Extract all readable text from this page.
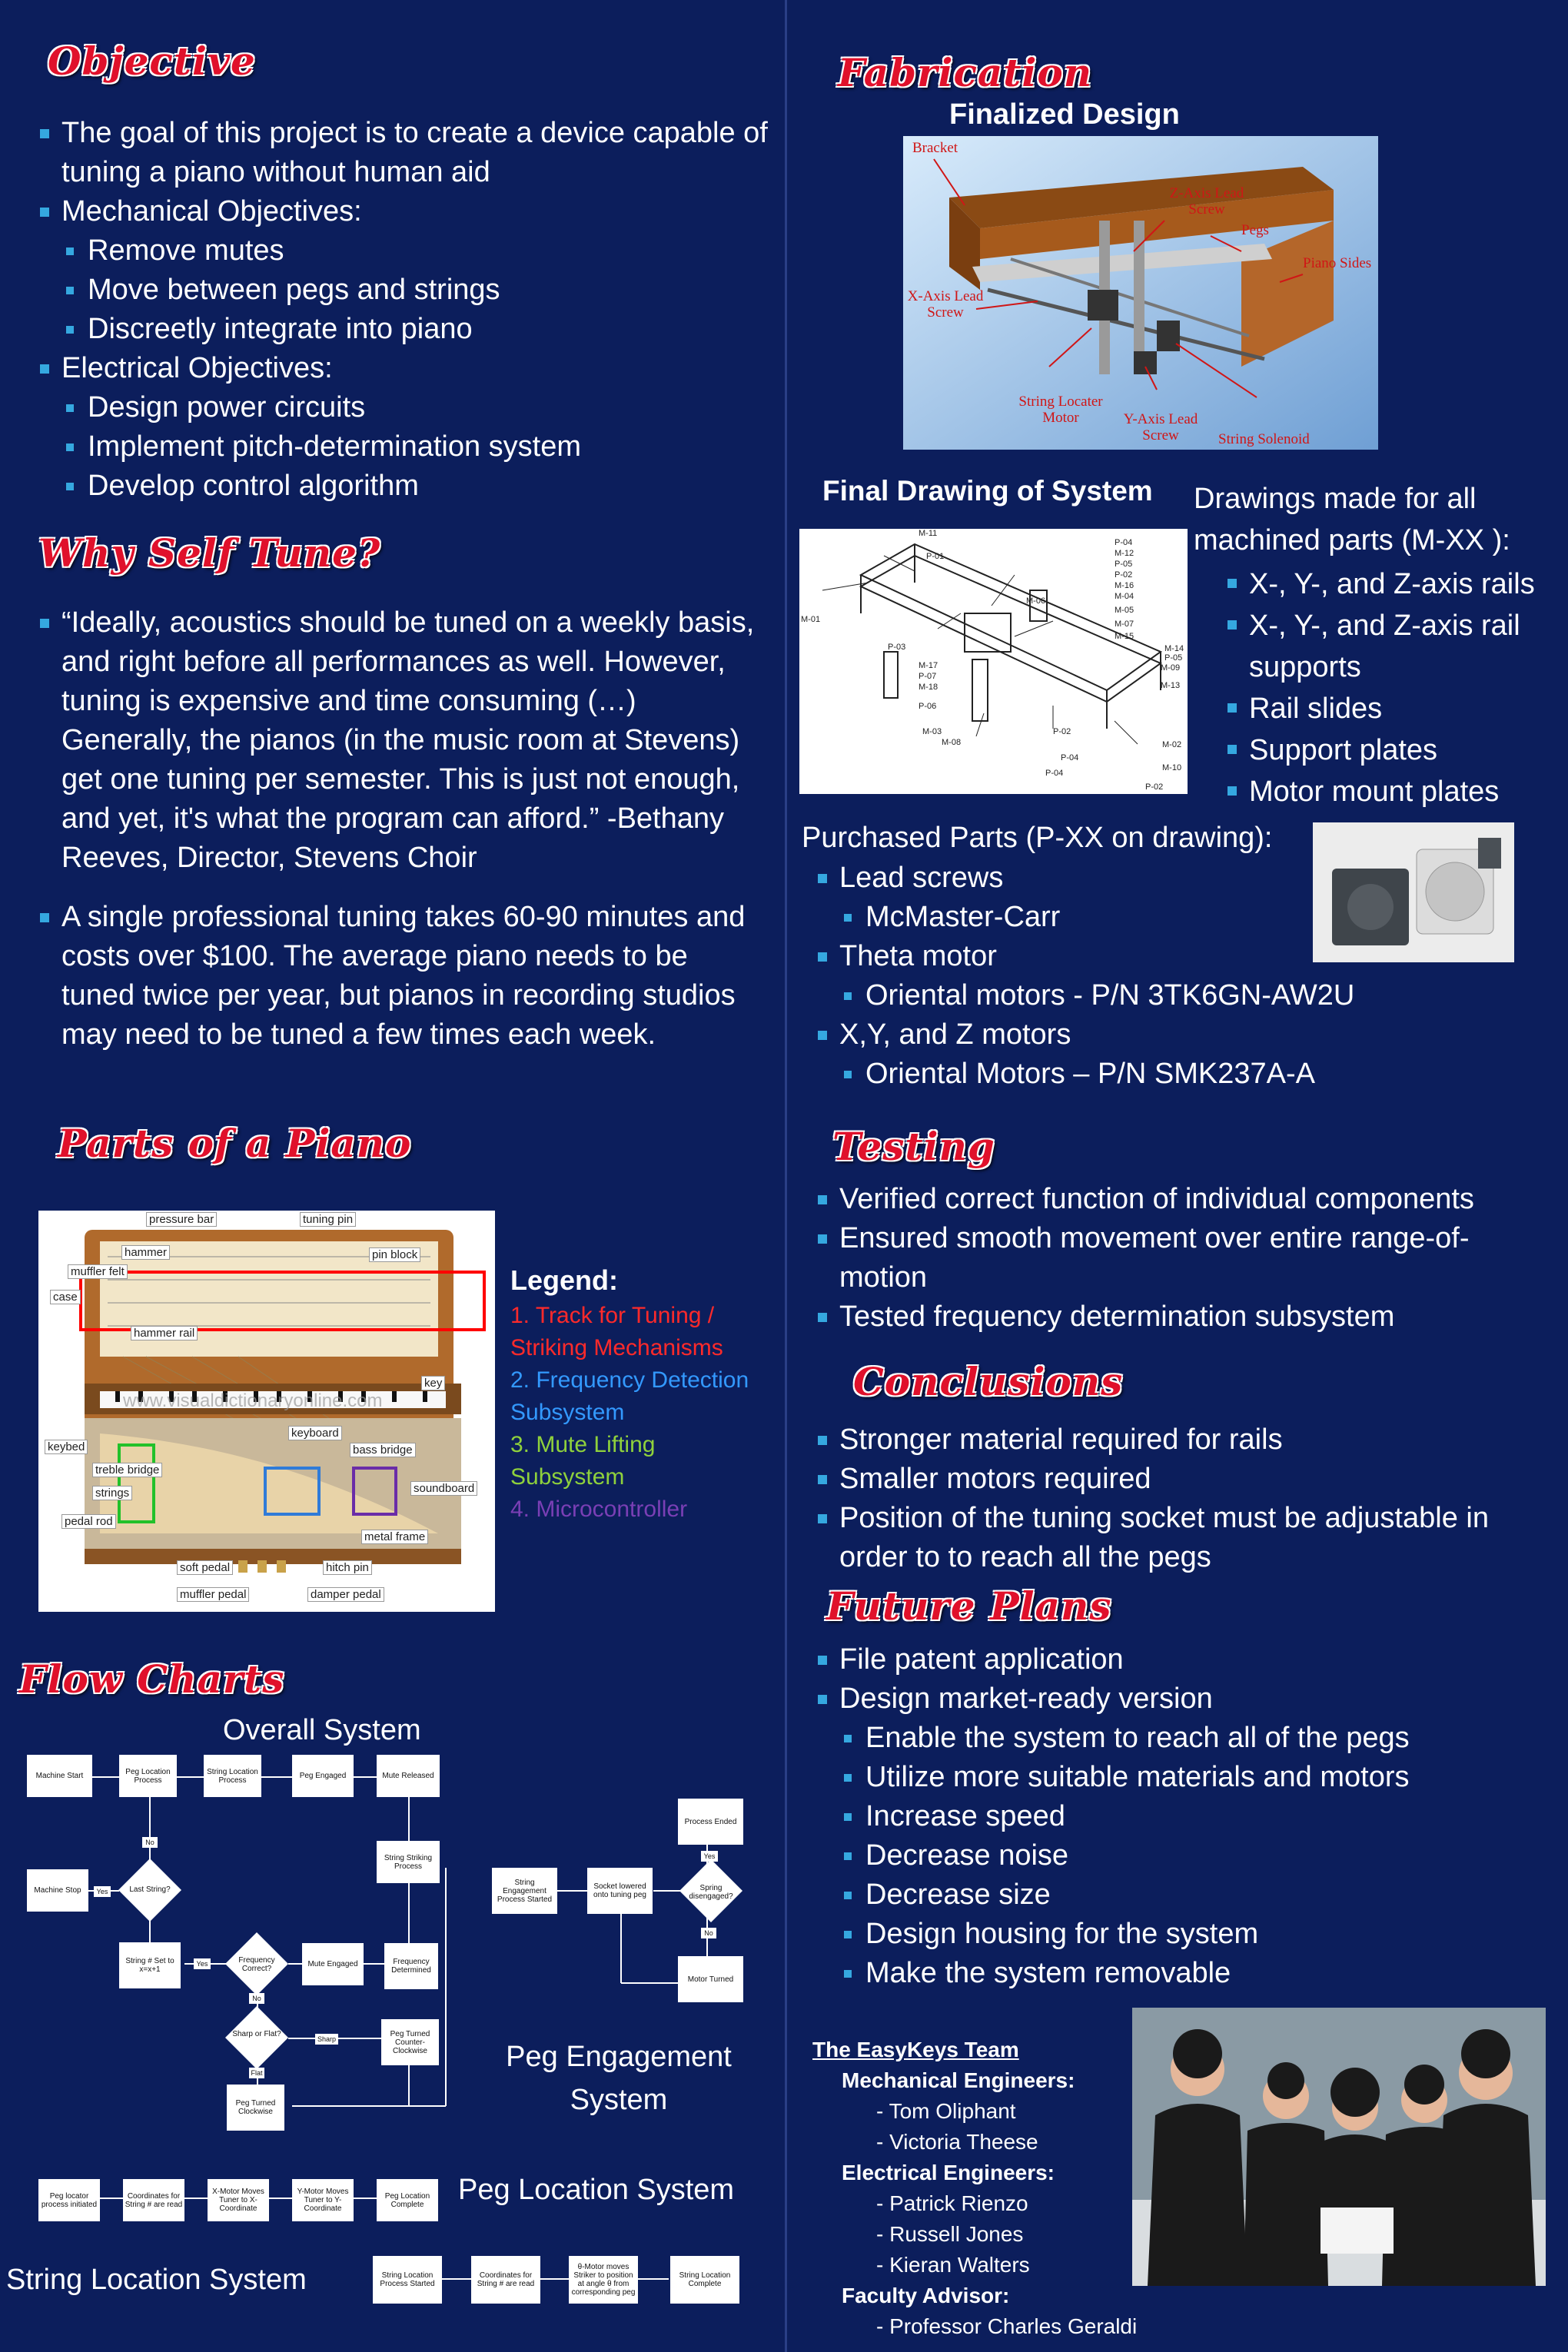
Objective
The goal of this project is to create a device capable of tuning a piano without human aid
Mechanical Objectives:
Remove mutes
Move between pegs and strings
Discreetly integrate into piano
Electrical Objectives:
Design power circuits
Implement pitch-determination system
Develop control algorithm
Why Self Tune?
“Ideally, acoustics should be tuned on a weekly basis, and right before all performances as well. However, tuning is expensive and time consuming (…) Generally, the pianos (in the music room at Stevens) get one tuning per semester. This is just not enough, and yet, it's what the program can afford.” -Bethany Reeves, Director, Stevens Choir
A single professional tuning takes 60-90 minutes and costs over $100. The average piano needs to be tuned twice per year, but pianos in recording studios may need to be tuned a few times each week.
Parts of a Piano
www.visualdictionaryonline.com
pressure bar	tuning pin
hammer	pin block
muffler felt
case
hammer rail
key
keyboard
keybed	bass bridge
treble bridge
soundboard
strings
pedal rod
metal frame
soft pedal	hitch pin
muffler pedal	damper pedal
Legend:
1. Track for Tuning / Striking Mechanisms
2. Frequency Detection Subsystem
3. Mute Lifting Subsystem
4. Microcontroller
Flow Charts
Overall System
Machine Start	Peg Location Process
String Location Process	Peg Engaged	Mute Released
String Striking Process
Machine Stop
String # Set to x=x+1
Mute Engaged	Frequency Determined
Peg Turned Counter-Clockwise
Peg Turned Clockwise
Last String?
Frequency Correct?
Sharp or Flat?
No
Yes
Yes
No
Sharp
Flat
String Engagement Process Started
Socket lowered onto tuning peg
Process Ended
Motor Turned
Spring disengaged?
Yes
No
Peg Engagement System
Peg locator process initiated
Coordinates for String # are read
X-Motor Moves Tuner to X-Coordinate
Y-Motor Moves Tuner to Y-Coordinate
Peg Location Complete	Peg Location System
String Location Process Started
Coordinates for String # are read
θ-Motor moves Striker to position at angle θ from corresponding peg
String Location Complete
String Location System
Fabrication
Finalized Design
Bracket
Z-Axis Lead Screw
Pegs
Piano Sides
X-Axis Lead Screw
String Locater Motor	Y-Axis Lead Screw	String Solenoid
Final Drawing of System
M-11
P-01
M-01
P-03
M-17
P-07
M-18
P-06
M-03
M-08
M-06
P-04
M-12
P-05
P-02
M-16
M-04
M-05
M-07
M-15
M-14
P-05
M-09
M-13
P-02
P-04
P-04
M-02
M-10
P-02
Drawings made for all machined parts (M-XX ):
X-, Y-, and Z-axis rails
X-, Y-, and Z-axis rail supports
Rail slides
Support plates
Motor mount plates
Purchased Parts (P-XX on drawing):
Lead screws
McMaster-Carr
Theta motor
Oriental motors - P/N 3TK6GN-AW2U
X,Y, and Z motors
Oriental Motors – P/N SMK237A-A
Testing
Verified correct function of individual components
Ensured smooth movement over entire range-of-motion
Tested frequency determination subsystem
Conclusions
Stronger material required for rails
Smaller motors required
Position of the tuning socket must be adjustable in order to to reach all the pegs
Future Plans
File patent application
Design market-ready version
Enable the system to reach all of the pegs
Utilize more suitable materials and motors
Increase speed
Decrease noise
Decrease size
Design housing for the system
Make the system removable
The EasyKeys Team
Mechanical Engineers:
- Tom Oliphant
- Victoria Theese
Electrical Engineers:
- Patrick Rienzo
- Russell Jones
- Kieran Walters
Faculty Advisor:
- Professor Charles Geraldi
